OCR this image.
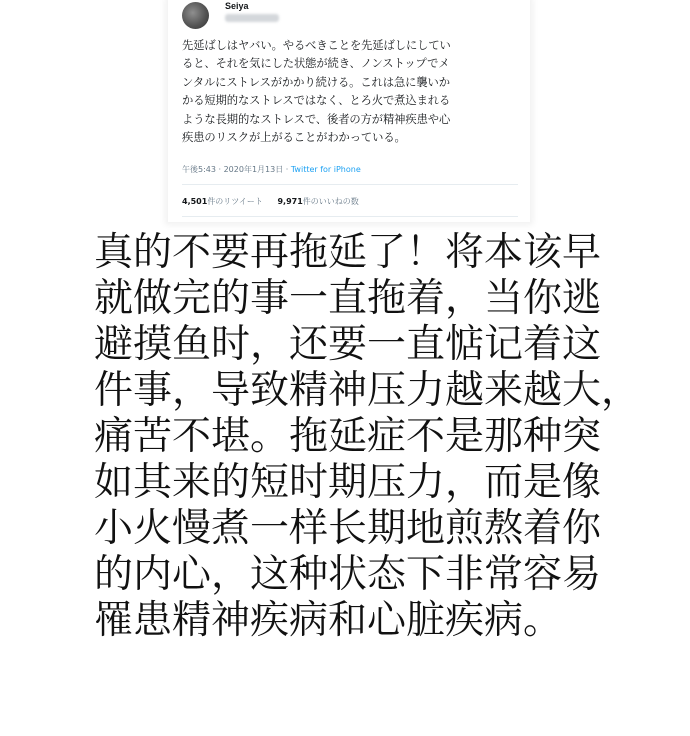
Seiya
先延ばしはヤバい。やるべきことを先延ばしにしてい
ると、それを気にした状態が続き、ノンストップでメ
ンタルにストレスがかかり続ける。これは急に襲いか
かる短期的なストレスではなく、とろ火で煮込まれる
ような長期的なストレスで、後者の方が精神疾患や心
疾患のリスクが上がることがわかっている。
午後5:43 · 2020年1月13日 · Twitter for iPhone
4,501件のリツイート 9,971件のいいねの数
真的不要再拖延了！将本该早
就做完的事一直拖着，当你逃
避摸鱼时，还要一直惦记着这
件事，导致精神压力越来越大，
痛苦不堪。拖延症不是那种突
如其来的短时期压力，而是像
小火慢煮一样长期地煎熬着你
的内心，这种状态下非常容易
罹患精神疾病和心脏疾病。
